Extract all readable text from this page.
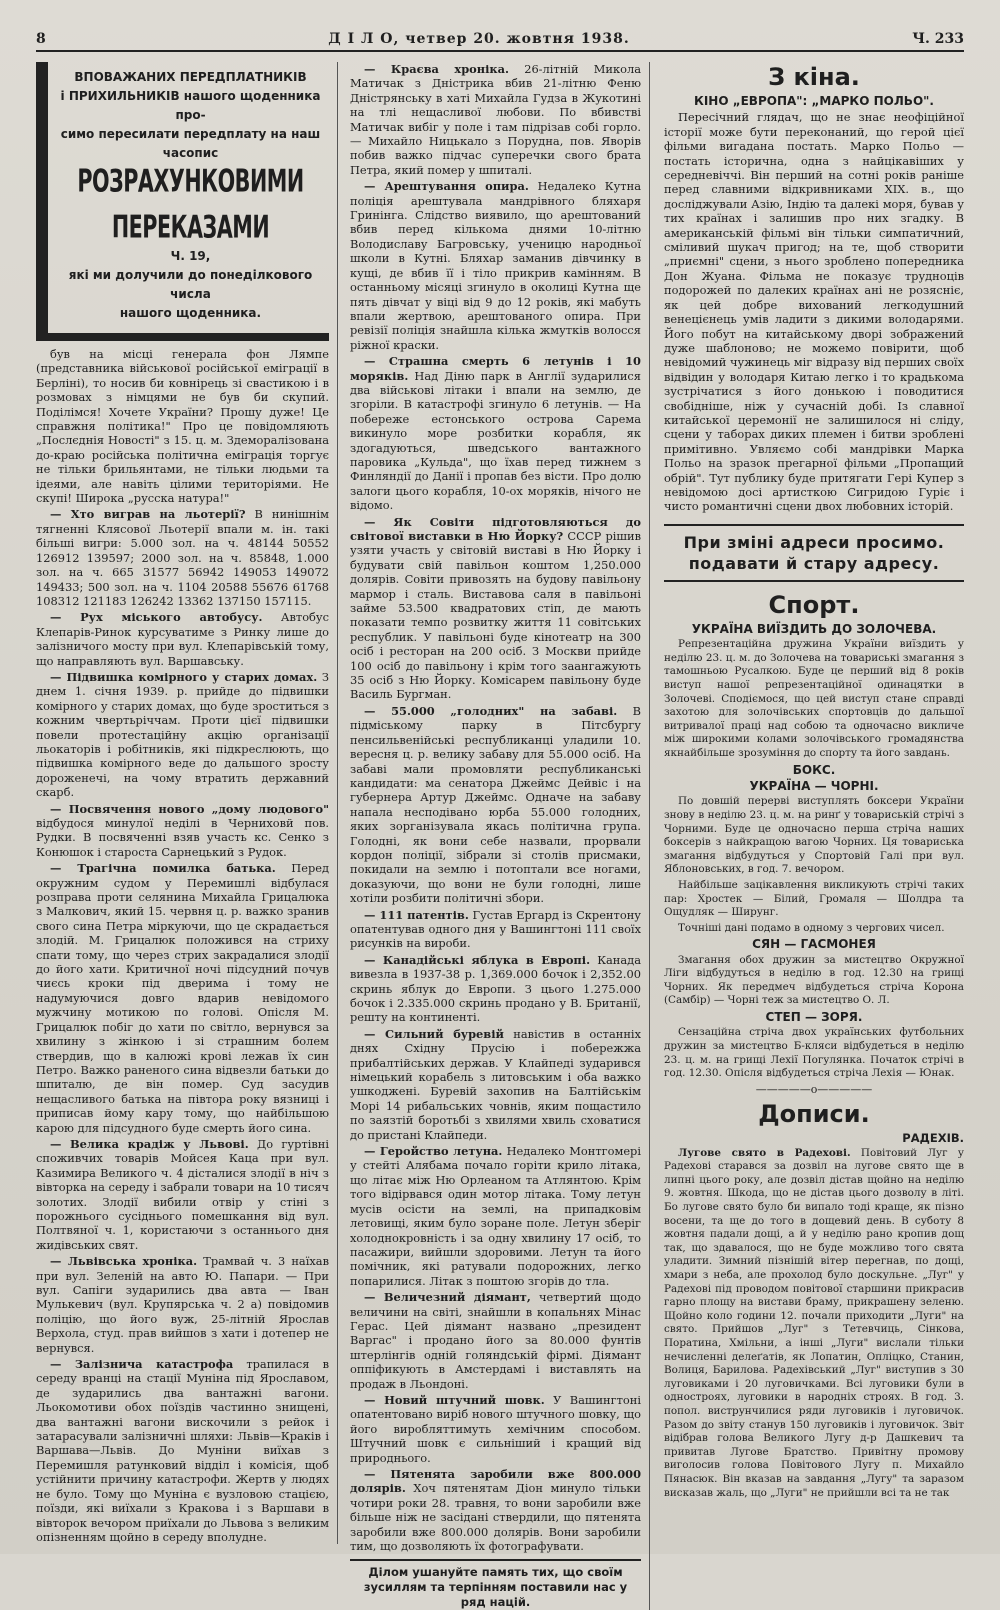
8	Д І Л О, четвер 20. жовтня 1938.	Ч. 233
ВПОВАЖАНИХ ПЕРЕДПЛАТНИКІВ
і ПРИХИЛЬНИКІВ нашого щоденника про-
симо пересилати передплату на наш
часопис
РОЗРАХУНКОВИМИ ПЕРЕКАЗАМИ
Ч. 19,
які ми долучили до понеділкового числа
нашого щоденника.

був на місці генерала фон Лямпе (представника військової російської еміграції в Берліні), то носив би ковнірець зі свастикою і в розмовах з німцями не був би скупий. Поділімся! Хочете України? Прошу дуже! Це справжня політика!" Про це повідомляють „Послєднія Новості" з 15. ц. м. Здеморалізована до-краю російська політична еміграція торгує не тільки брильянтами, не тільки людьми та ідеями, але навіть цілими територіями. Не скупі! Широка „русска натура!"

— Хто виграв на льотерії? В нинішнім тягненні Клясової Льотерії впали м. ін. такі більші вигри: 5.000 зол. на ч. 48144 50552 126912 139597; 2000 зол. на ч. 85848, 1.000 зол. на ч. 665 31577 56942 149053 149072 149433; 500 зол. на ч. 1104 20588 55676 61768 108312 121183 126242 13362 137150 157115.

— Рух міського автобусу. Автобус Клепарів-Ринок курсуватиме з Ринку лише до залізничого мосту при вул. Клепарівській тому, що направляють вул. Варшавську.

— Підвишка комірного у старих домах. З днем 1. січня 1939. р. прийде до підвишки комірного у старих домах, що буде зроститься з кожним чвертьріччам. Проти цієї підвишки повели протестаційну акцію організації льокаторів і робітників, які підкреслюють, що підвишка комірного веде до дальшого зросту дороженечі, на чому втратить державний скарб.

— Посвячення нового „дому людового" відбудося минулої неділі в Черниховй пов. Рудки. В посвяченні взяв участь кс. Сенко з Конюшок і староста Сарнецький з Рудок.

— Трагічна помилка батька. Перед окружним судом у Перемишлі відбулася розправа проти селянина Михайла Грицалюка з Малкович, який 15. червня ц. р. важко зранив свого сина Петра міркуючи, що це скрадається злодій. М. Грицалюк положився на стриху спати тому, що через стрих закрадалися злодії до його хати. Критичної ночі підсудний почув чиєсь кроки під дверима і тому не надумуючися довго вдарив невідомого мужчину мотикою по голові. Опісля М. Грицалюк побіг до хати по світло, вернувся за хвилину з жінкою і зі страшним болем ствердив, що в калюжі крові лежав їх син Петро. Важко раненого сина відвезли батьки до шпиталю, де він помер. Суд засудив нещасливого батька на півтора року вязниці і приписав йому кару тому, що найбільшою карою для підсудного буде смерть його сина.

— Велика крадіж у Львові. До гуртівні споживчих товарів Мойсея Каца при вул. Казимира Великого ч. 4 дісталися злодії в ніч з вівторка на середу і забрали товари на 10 тисяч золотих. Злодії вибили отвір у стіні з порожнього сусіднього помешкання від вул. Полтвяної ч. 1, користаючи з останнього дня жидівських свят.

— Львівська хроніка. Трамвай ч. 3 наїхав при вул. Зеленій на авто Ю. Папари. — При вул. Сапіги зударились два авта — Іван Мулькевич (вул. Крупярська ч. 2 а) повідомив поліцію, що його вуж, 25-літній Ярослав Верхола, студ. прав вийшов з хати і дотепер не вернувся.

— Залізнича катастрофа трапилася в середу вранці на стації Муніна під Ярославом, де зударились два вантажні вагони. Льокомотиви обох поїздів частинно знищені, два вантажні вагони вискочили з рейок і затарасували залізничні шляхи: Львів—Краків і Варшава—Львів. До Муніни виїхав з Перемишля ратунковий відділ і комісія, щоб устійнити причину катастрофи. Жертв у людях не було. Тому що Муніна є вузловою стацією, поїзди, які виїхали з Кракова і з Варшави в вівторок вечором приїхали до Львова з великим опізненням щойно в середу вполудне.

— Краєва хроніка. 26-літній Микола Матичак з Дністрика вбив 21-літню Феню Дністрянську в хаті Михайла Гудза в Жукотині на тлі нещасливої любови. По вбивстві Матичак вибіг у поле і там підрізав собі горло. — Михайло Ницькало з Порудна, пов. Яворів побив важко підчас суперечки свого брата Петра, який помер у шпиталі.

— Арештування опира. Недалеко Кутна поліція арештувала мандрівного бляхаря Гринінга. Слідство виявило, що арештований вбив перед кількома днями 10-літню Володиславу Багровську, ученицю народньої школи в Кутні. Бляхар заманив дівчинку в кущі, де вбив її і тіло прикрив камінням. В останньому місяці згинуло в околиці Кутна ще пять дівчат у віці від 9 до 12 років, які мабуть впали жертвою, арештованого опира. При ревізії поліція знайшла кілька жмутків волосся рiжної краски.

— Страшна смерть 6 летунів і 10 моряків. Над Діню парк в Англії зударилися два військові літаки і впали на землю, де згоріли. В катастрофі згинуло 6 летунів. — На побереже естонського острова Сарема викинуло море розбитки корабля, як здогадуються, шведського вантажного паровика „Кульда", що їхав перед тижнем з Финляндії до Данії і пропав без вісти. Про долю залоги цього корабля, 10-ох моряків, нічого не відомо.

— Як Совіти підготовляються до світової виставки в Ню Йорку? СССР рішив узяти участь у світовій виставі в Ню Йорку і будувати свій павільон коштом 1,250.000 долярів. Совіти привозять на будову павільону мармор і сталь. Виставова саля в павільоні займе 53.500 квадратових стіп, де мають показати темпо розвитку життя 11 совітських республик. У павільоні буде кінотеатр на 300 осіб і ресторан на 200 осіб. З Москви прийде 100 осіб до павільону і крім того заангажують 35 осіб з Ню Йорку. Комісарем павільону буде Василь Бургман.

— 55.000 „голодних" на забаві. В підміському парку в Пітсбургу пенсильвенійські республиканці уладили 10. вересня ц. р. велику забаву для 55.000 осіб. На забаві мали промовляти республиканські кандидати: ма сенатора Джеймс Дейвіс і на губернера Артур Джеймс. Одначе на забаву напала несподівано юрба 55.000 голодних, яких зорганізувала якась політична група. Голодні, як вони себе назвали, прорвали кордон поліції, зібрали зі столів присмаки, покидали на землю і потоптали все ногами, доказуючи, що вони не були голодні, лише хотіли розбити політичні збори.

— 111 патентів. Густав Ергард із Скрентону опатентував одного дня у Вашингтоні 111 своїх рисунків на вироби.

— Канадійські яблука в Европі. Канада вивезла в 1937-38 р. 1,369.000 бочок і 2,352.00 скринь яблук до Европи. З цього 1.275.000 бочок і 2.335.000 скринь продано у В. Британії, решту на континенті.

— Сильний буревій навістив в останніх днях Східну Прусію і побережжа прибалтійських держав. У Клайпеді зударився німецький корабель з литовським і оба важко ушкоджені. Буревій захопив на Балтійськім Морі 14 рибальських човнів, яким пощастило по заязтій боротьбі з хвилями хвиль сховатися до пристані Клайпеди.

— Геройство летуна. Недалеко Монтгомері у стейті Алябама почало горіти крило літака, що літає між Ню Орлеаном та Атлянтою. Крім того відірвався один мотор літака. Тому летун мусів осісти на землі, на припадковім летовищі, яким було зоране поле. Летун зберіг холоднокровність і за одну хвилину 17 осіб, то пасажири, вийшли здоровими. Летун та його помічник, які ратували подорожних, легко попарилися. Літак з поштою згорів до тла.

— Величезний діямант, четвертий щодо величини на світі, знайшли в копальнях Мінас Герас. Цей діямант названо „президент Варгас" і продано його за 80.000 фунтів штерлінгів одній голяндській фірмі. Діямант оппіфикують в Амстердамі і виставлять на продаж в Льондоні.

— Новий штучний шовк. У Вашингтоні опатентовано виріб нового штучного шовку, що його виробляттимуть хемічним способом. Штучний шовк є сильніший і кращий від природнього.

— Пятенята заробили вже 800.000 долярів. Хоч пятенятам Діон минуло тільки чотири роки 28. травня, то вони заробили вже більше ніж не засідані ствердили, що пятенята заробили вже 800.000 долярів. Вони заробили тим, що дозволяють їх фотографувати.

Ділом ушануйте память тих, що своїм зусиллям та терпінням поставили нас у ряд націй.
З кіна.
КІНО „ЕВРОПА": „МАРКО ПОЛЬО".

Пересічний глядач, що не знає неофіційної історії може бути переконаний, що герой цієї фільми вигадана постать. Марко Польо — постать історична, одна з найцікавіших у середневіччі. Він перший на сотні років раніше перед славними відкривниками XIX. в., що досліджували Азію, Індію та далекі моря, бував у тих країнах і залишив про них згадку. В американській фільмі він тільки симпатичний, сміливий шукач пригод; на те, щоб створити „приємні" сцени, з нього зроблено попередника Дон Жуана. Фільма не показує трудноців подорожей по далеких країнах ані не розясніє, як цей добре вихований легкодушний венецієнець умів ладити з дикими володарями. Його побут на китайському дворі зображений дуже шаблоново; не можемо повірити, щоб невідомий чужинець міг відразу від перших своїх відвідин у володаря Китаю легко і то крадькома зустрічатися з його донькою і поводитися свобідніше, ніж у сучасній добі. Із славної китайської церемонії не залишилося ні сліду, сцени у таборах диких племен і битви зроблені примітивно. Увляємо собі мандрівки Марка Польо на зразок прегарної фільми „Пропащий обрій". Тут публику буде притягати Гері Купер з невідомою досі артисткою Сигридою Гуріє і чисто романтичні сцени двох любовних історій.

При зміні адреси просимо. подавати й стару адресу.
Спорт.
УКРАЇНА ВИЇЗДИТЬ ДО ЗОЛОЧЕВА.

Репрезентаційна дружина України виїздить у неділю 23. ц. м. до Золочева на товариські змагання з тамошньою Русалкою. Буде це перший від 8 років виступ нашої репрезентаційної одинацятки в Золочеві. Сподіємося, що цей виступ стане справді захотою для золочівських спортовців до дальшої витривалої праці над собою та одночасно викличе між широкими колами золочівського громадянства якнайбільше зрозуміння до спорту та його завдань.

БОКС.
УКРАЇНА — ЧОРНІ.

По довшій перерві виступлять боксери України знову в неділю 23. ц. м. на ринґ у товариській стрічі з Чорними. Буде це одночасно перша стріча наших боксерів з найкращою вагою Чорних. Ця товариська змагання відбудуться у Спортовій Галі при вул. Яблоновських, в год. 7. вечором.

Найбільше зацікавлення викликують стрічі таких пар: Хростек — Білий, Громаля — Шолдра та Ощудляк — Шиpунг.

Точніші дані подамо в одному з чергових чисел.

СЯН — ГАСМОНЕЯ

Змагання обох дружин за мистецтво Окружної Ліги відбудуться в неділю в год. 12.30 на грищі Чорних. Як передмеч відбудеться стріча Корона (Самбір) — Чорні теж за мистецтво О. Л.

СТЕП — ЗОРЯ.

Сензаційна стріча двох українських футбольних дружин за мистецтво Б-кляси відбудеться в неділю 23. ц. м. на грищі Лехії Погулянка. Початок стрічі в год. 12.30. Опісля відбудеться стріча Лехія — Юнак.

—————o—————
Дописи.
РАДЕХІВ.

Лугове свято в Радехові. Повітовий Луг у Радехові старався за дозвіл на лугове свято ще в липні цього року, але дозвіл дістав щойно на неділю 9. жовтня. Шкода, що не дістав цього дозволу в літі. Бо лугове свято було би випало тоді краще, як пізно восени, та ще до того в дощевий день. В суботу 8 жовтня падали дощі, а й у неділю рано кропив дощ так, що здавалося, що не буде можливо того свята уладити. Зимний пізнішій вітер перегнав, по дощі, хмари з неба, але прохолод було доскульне. „Луг" у Радехові під проводом повітової старшини прикрасив гарно площу на вистави браму, прикрашену зеленю. Щойно коло години 12. почали приходити „Луги" на свято. Прийшов „Луг" з Тетевчиць, Сінкова, Поратина, Хмільни, а інші „Луги" вислали тільки нечисленні делеґатів, як Лопатин, Опліцко, Станин, Волиця, Барилова. Радехівський „Луг" виступив з 30 луговиками і 20 луговичками. Всі луговики були в одностроях, луговики в народніх строях. В год. 3. попол. виструнчилися ряди луговиків і луговичок. Разом до звіту станув 150 луговиків і луговичок. Звіт відібрав голова Великого Лугу д-р Дашкевич та привитав Лугове Братство. Привітну промову виголосив голова Повітового Лугу п. Михайло Пянасюк. Він вказав на завдання „Лугу" та заразом висказав жаль, що „Луги" не прийшли всі та не так
